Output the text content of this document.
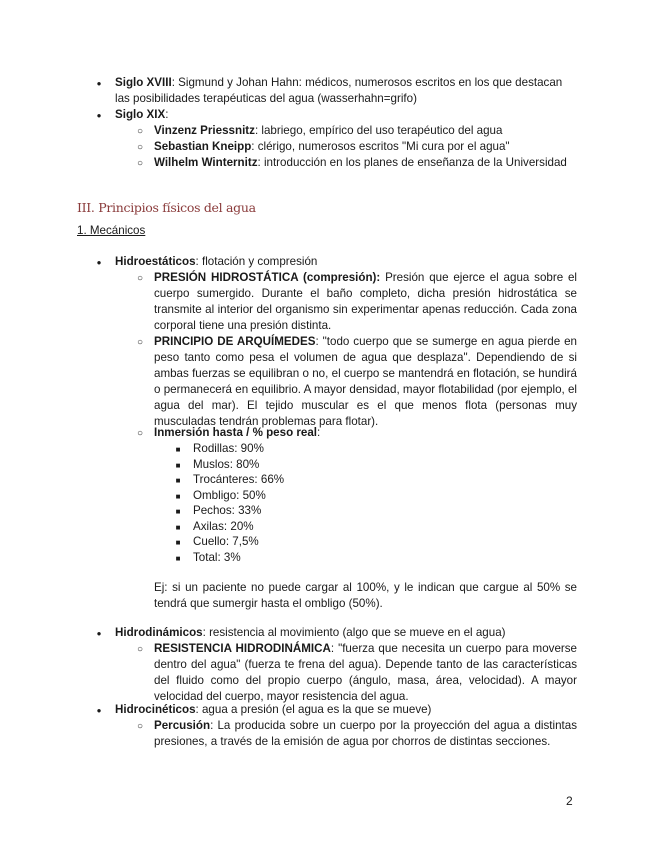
●
Siglo XVIII: Sigmund y Johan Hahn: médicos, numerosos escritos en los que destacan las posibilidades terapéuticas del agua (wasserhahn=grifo)
●
Siglo XIX:
○
Vinzenz Priessnitz: labriego, empírico del uso terapéutico del agua
○
Sebastian Kneipp: clérigo, numerosos escritos "Mi cura por el agua"
○
Wilhelm Winternitz: introducción en los planes de enseñanza de la Universidad
III. Principios físicos del agua
1. Mecánicos
●
Hidroestáticos: flotación y compresión
○
PRESIÓN HIDROSTÁTICA (compresión): Presión que ejerce el agua sobre el cuerpo sumergido. Durante el baño completo, dicha presión hidrostática se transmite al interior del organismo sin experimentar apenas reducción. Cada zona corporal tiene una presión distinta.
○
PRINCIPIO DE ARQUÍMEDES: "todo cuerpo que se sumerge en agua pierde en peso tanto como pesa el volumen de agua que desplaza". Dependiendo de si ambas fuerzas se equilibran o no, el cuerpo se mantendrá en flotación, se hundirá o permanecerá en equilibrio. A mayor densidad, mayor flotabilidad (por ejemplo, el agua del mar). El tejido muscular es el que menos flota (personas muy musculadas tendrán problemas para flotar).
○
Inmersión hasta / % peso real:
■
Rodillas: 90%
■
Muslos: 80%
■
Trocánteres: 66%
■
Ombligo: 50%
■
Pechos: 33%
■
Axilas: 20%
■
Cuello: 7,5%
■
Total: 3%
Ej: si un paciente no puede cargar al 100%, y le indican que cargue al 50% se tendrá que sumergir hasta el ombligo (50%).
●
Hidrodinámicos: resistencia al movimiento (algo que se mueve en el agua)
○
RESISTENCIA HIDRODINÁMICA: "fuerza que necesita un cuerpo para moverse dentro del agua" (fuerza te frena del agua). Depende tanto de las características del fluido como del propio cuerpo (ángulo, masa, área, velocidad). A mayor velocidad del cuerpo, mayor resistencia del agua.
●
Hidrocinéticos: agua a presión (el agua es la que se mueve)
○
Percusión: La producida sobre un cuerpo por la proyección del agua a distintas presiones, a través de la emisión de agua por chorros de distintas secciones.
2
